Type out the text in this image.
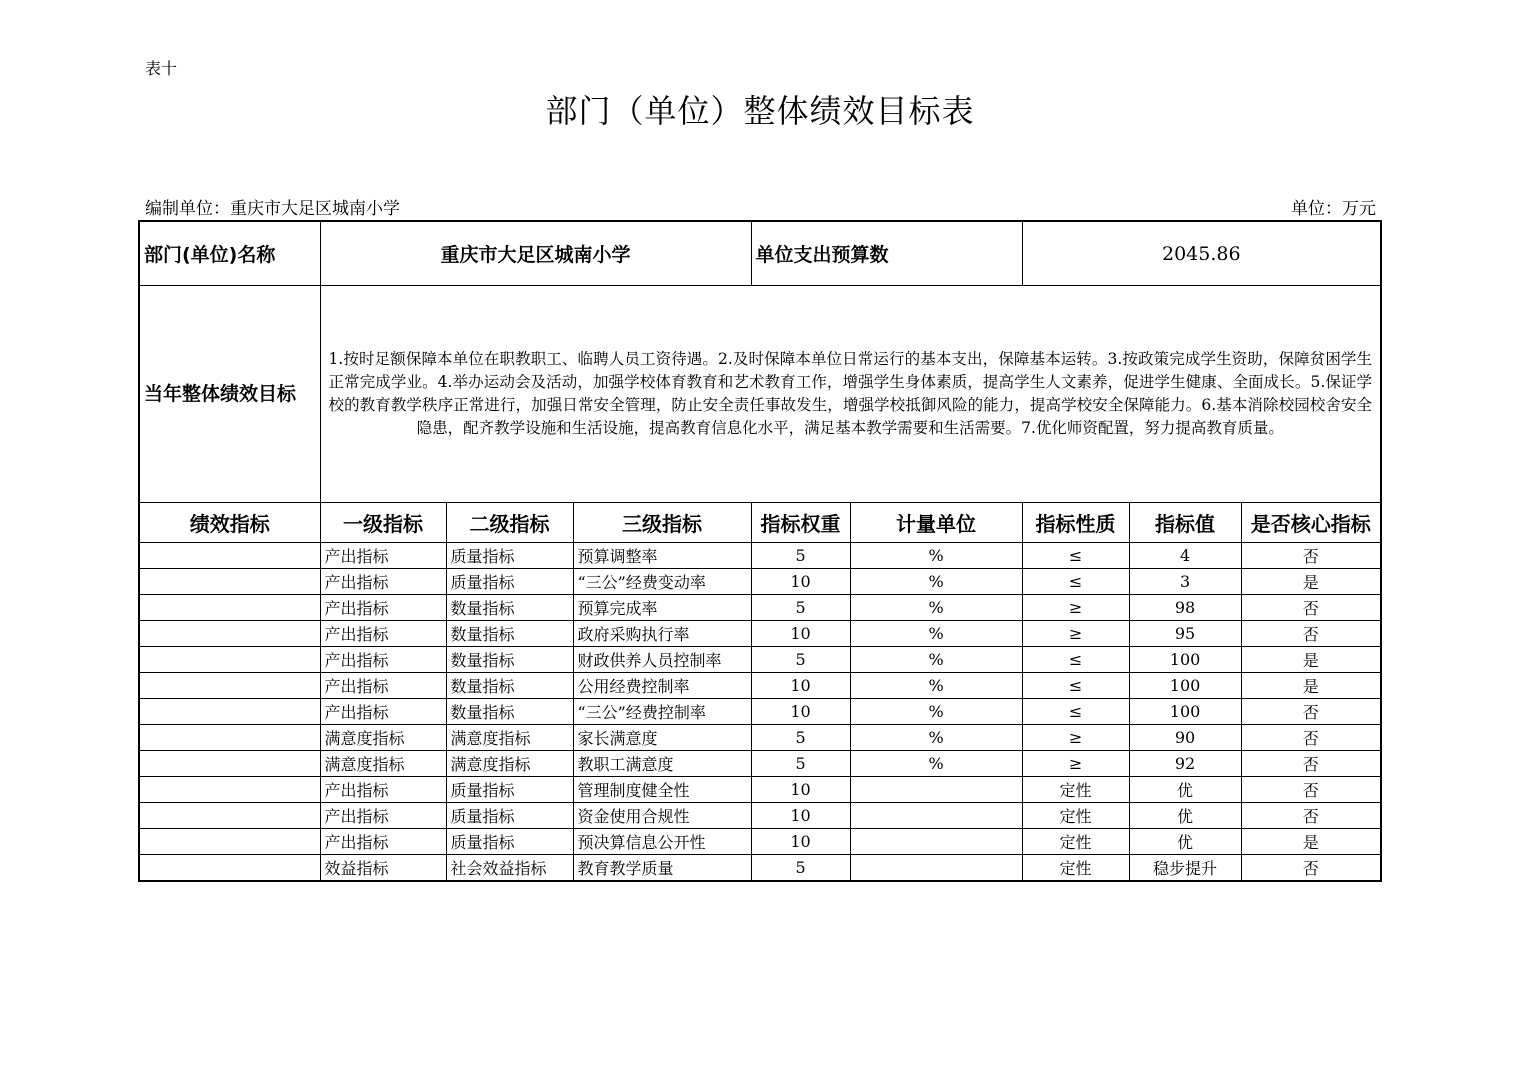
表十
部门（单位）整体绩效目标表
编制单位：重庆市大足区城南小学	单位：万元
部门(单位)名称	重庆市大足区城南小学			单位支出预算数		2045.86		
当年整体绩效目标	1.按时足额保障本单位在职教职工、临聘人员工资待遇。2.及时保障本单位日常运行的基本支出，保障基本运转。3.按政策完成学生资助，保障贫困学生正常完成学业。4.举办运动会及活动，加强学校体育教育和艺术教育工作，增强学生身体素质，提高学生人文素养，促进学生健康、全面成长。5.保证学校的教育教学秩序正常进行，加强日常安全管理，防止安全责任事故发生，增强学校抵御风险的能力，提高学校安全保障能力。6.基本消除校园校舍安全隐患，配齐教学设施和生活设施，提高教育信息化水平，满足基本教学需要和生活需要。7.优化师资配置，努力提高教育质量。							
绩效指标	一级指标	二级指标	三级指标	指标权重	计量单位	指标性质	指标值	是否核心指标
	产出指标	质量指标	预算调整率	5	%	≤	4	否
	产出指标	质量指标	“三公”经费变动率	10	%	≤	3	是
	产出指标	数量指标	预算完成率	5	%	≥	98	否
	产出指标	数量指标	政府采购执行率	10	%	≥	95	否
	产出指标	数量指标	财政供养人员控制率	5	%	≤	100	是
	产出指标	数量指标	公用经费控制率	10	%	≤	100	是
	产出指标	数量指标	“三公”经费控制率	10	%	≤	100	否
	满意度指标	满意度指标	家长满意度	5	%	≥	90	否
	满意度指标	满意度指标	教职工满意度	5	%	≥	92	否
	产出指标	质量指标	管理制度健全性	10		定性	优	否
	产出指标	质量指标	资金使用合规性	10		定性	优	否
	产出指标	质量指标	预决算信息公开性	10		定性	优	是
	效益指标	社会效益指标	教育教学质量	5		定性	稳步提升	否
